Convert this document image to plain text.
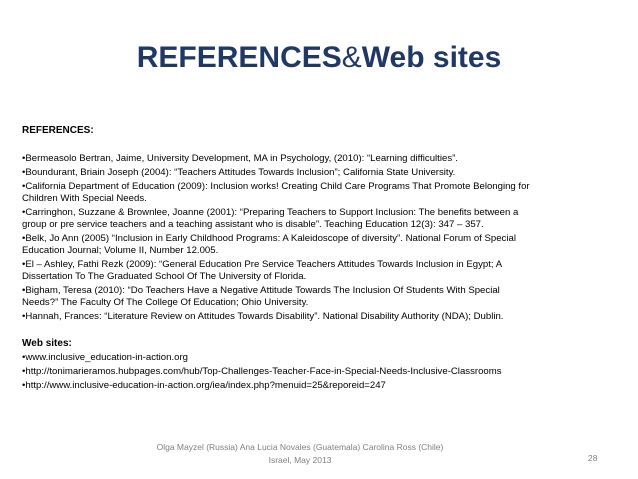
REFERENCES&Web sites
REFERENCES:
•Bermeasolo Bertran, Jaime, University Development, MA in Psychology, (2010): “Learning difficulties”.
•Boundurant, Briain Joseph (2004): “Teachers Attitudes Towards Inclusion”; California State University.
•California Department of Education (2009): Inclusion works! Creating Child Care Programs That Promote Belonging for
Children With Special Needs.
•Carringhon, Suzzane & Brownlee, Joanne (2001): “Preparing Teachers to Support Inclusion: The benefits between a
group or pre service teachers and a teaching assistant who is disable”. Teaching Education 12(3): 347 – 357.
•Belk, Jo Ann (2005) “Inclusion in Early Childhood Programs: A Kaleidoscope of diversity”. National Forum of Special
Education Journal; Volume II, Number 12.005.
•El – Ashley, Fathi Rezk (2009): “General Education Pre Service Teachers Attitudes Towards Inclusion in Egypt; A
Dissertation To The Graduated School Of The University of Florida.
•Bigham, Teresa (2010): “Do Teachers Have a Negative Attitude Towards The Inclusion Of Students With Special
Needs?” The Faculty Of The College Of Education; Ohio University.
•Hannah, Frances: “Literature Review on Attitudes Towards Disability”. National Disability Authority (NDA); Dublin.
Web sites:
•www.inclusive_education-in-action.org
•http://tonimarieramos.hubpages.com/hub/Top-Challenges-Teacher-Face-in-Special-Needs-Inclusive-Classrooms
•http://www.inclusive-education-in-action.org/iea/index.php?menuid=25&reporeid=247
Olga Mayzel (Russia) Ana Lucia Novales (Guatemala) Carolina Ross (Chile)
Israel, May 2013	28
